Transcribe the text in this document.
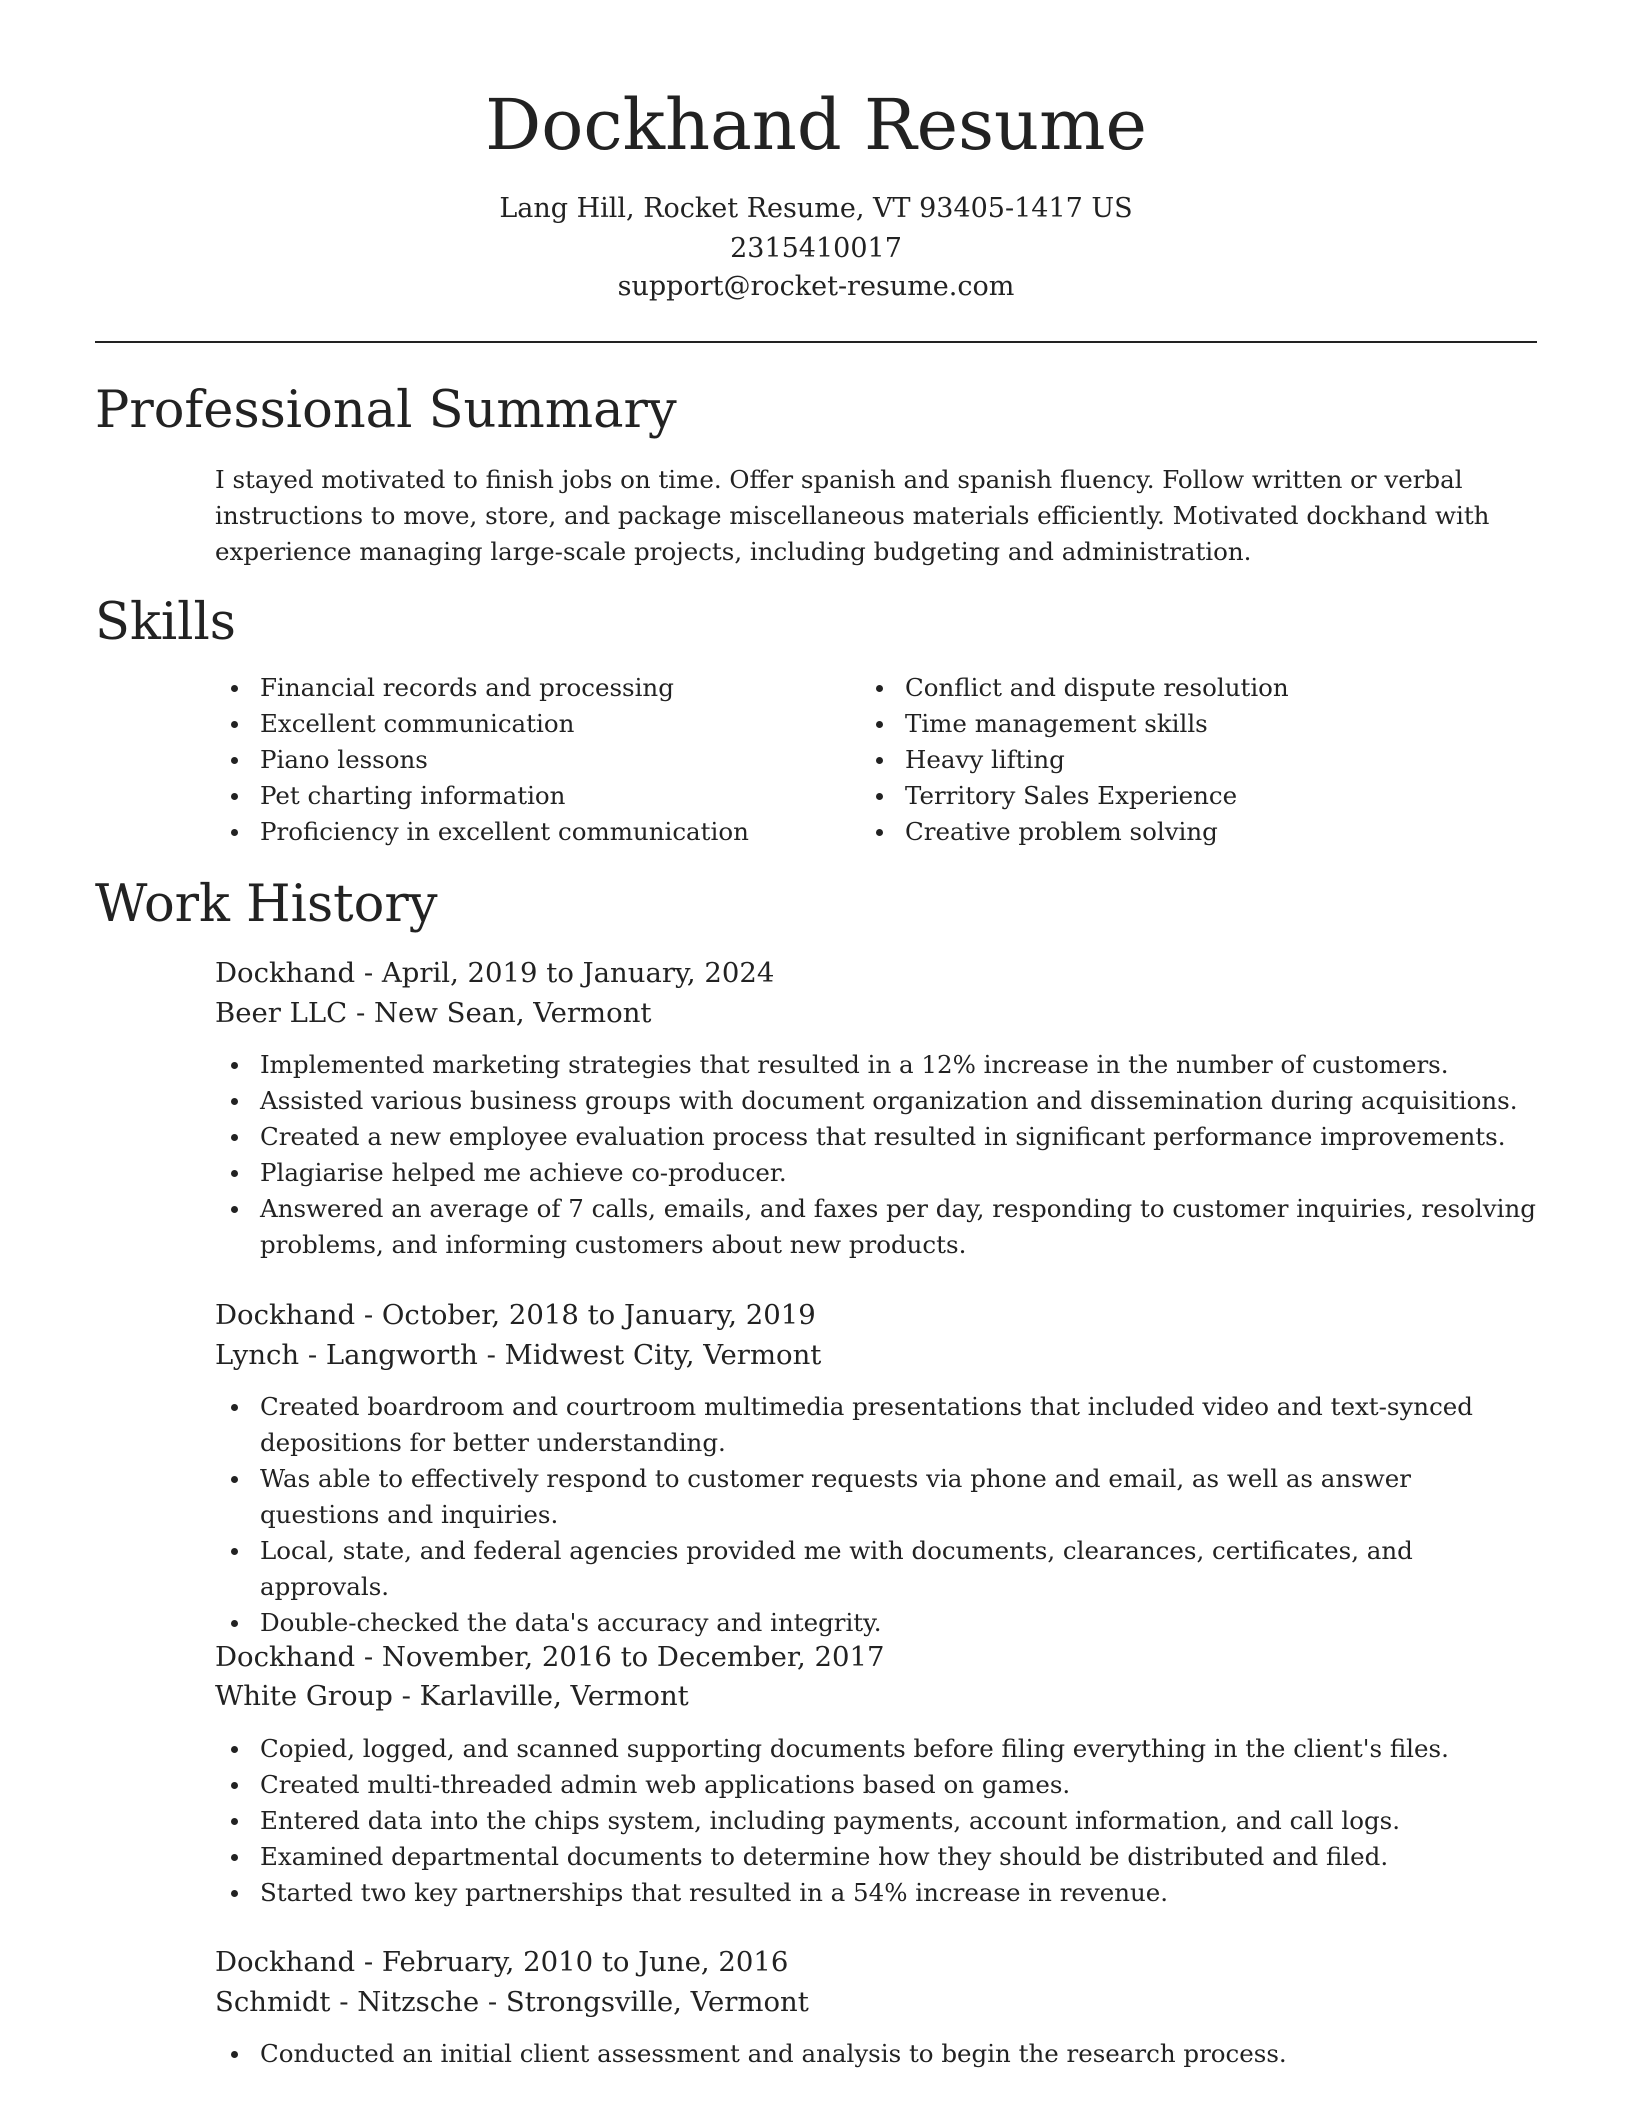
Dockhand Resume
Lang Hill, Rocket Resume, VT 93405-1417 US
2315410017
support@rocket-resume.com
Professional Summary

I stayed motivated to finish jobs on time. Offer spanish and spanish fluency. Follow written or verbal instructions to move, store, and package miscellaneous materials efficiently. Motivated dockhand with experience managing large-scale projects, including budgeting and administration.

Skills
Financial records and processing
Excellent communication
Piano lessons
Pet charting information
Proficiency in excellent communication
Conflict and dispute resolution
Time management skills
Heavy lifting
Territory Sales Experience
Creative problem solving
Work History
Dockhand - April, 2019 to January, 2024
Beer LLC - New Sean, Vermont
Implemented marketing strategies that resulted in a 12% increase in the number of customers.
Assisted various business groups with document organization and dissemination during acquisitions.
Created a new employee evaluation process that resulted in significant performance improvements.
Plagiarise helped me achieve co-producer.
Answered an average of 7 calls, emails, and faxes per day, responding to customer inquiries, resolving problems, and informing customers about new products.
Dockhand - October, 2018 to January, 2019
Lynch - Langworth - Midwest City, Vermont
Created boardroom and courtroom multimedia presentations that included video and text-synced depositions for better understanding.
Was able to effectively respond to customer requests via phone and email, as well as answer questions and inquiries.
Local, state, and federal agencies provided me with documents, clearances, certificates, and approvals.
Double-checked the data's accuracy and integrity.
Dockhand - November, 2016 to December, 2017
White Group - Karlaville, Vermont
Copied, logged, and scanned supporting documents before filing everything in the client's files.
Created multi-threaded admin web applications based on games.
Entered data into the chips system, including payments, account information, and call logs.
Examined departmental documents to determine how they should be distributed and filed.
Started two key partnerships that resulted in a 54% increase in revenue.
Dockhand - February, 2010 to June, 2016
Schmidt - Nitzsche - Strongsville, Vermont
Conducted an initial client assessment and analysis to begin the research process.
